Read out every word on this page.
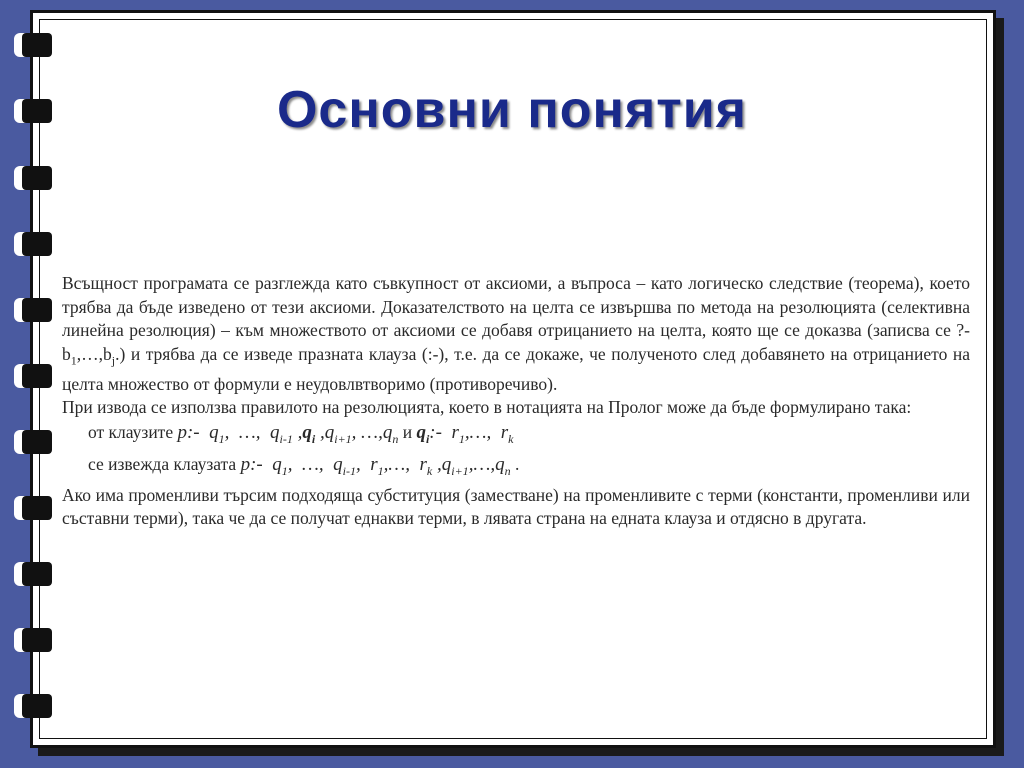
Основни понятия

Всъщност програмата се разглежда като съвкупност от аксиоми, а въпроса – като логическо следствие (теорема), което трябва да бъде изведено от тези аксиоми. Доказателството на целта се извършва по метода на резолюцията (селективна линейна резолюция) – към множеството от аксиоми се добавя отрицанието на целта, която ще се доказва (записва се ?- $b_1,\dots,b_j$.) и трябва да се изведе празната клауза (:-), т.е. да се докаже, че полученото след добавянето на отрицанието на целта множество от формули е неудовлвтворимо (противоречиво).

При извода се използва правилото на резолюцията, което в нотацията на Пролог може да бъде формулирано така:

от клаузите p:-  $q_1$,  …,  $q_{i-1}$ $,q_i$ $,q_{i+1}$, $\dots,q_n$ и $q_i:-$  $r_1,\dots$,  $r_k$
се извежда клаузата p:-  $q_1$,  …,  $q_{i-1}$,  $r_1,\dots$,  $r_k$ $,q_{i+1},\dots,q_n$ .

Ако има променливи търсим подходяща субституция (заместване) на променливите с терми (константи, променливи или съставни терми), така че да се получат еднакви терми, в лявата страна на едната клауза и отдясно в другата.
